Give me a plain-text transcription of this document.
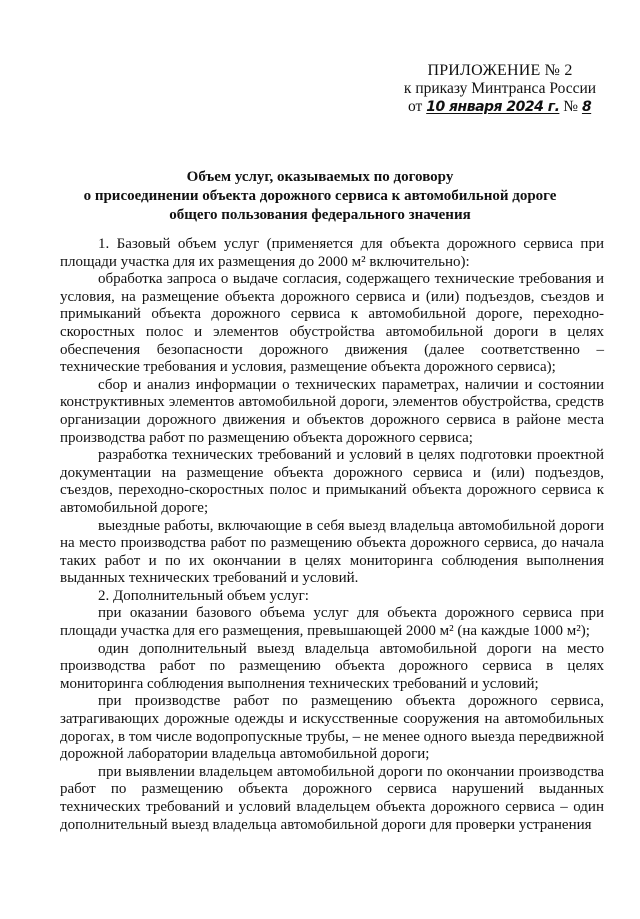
ПРИЛОЖЕНИЕ № 2
к приказу Минтранса России
от 10 января 2024 г. № 8
Объем услуг, оказываемых по договору
о присоединении объекта дорожного сервиса к автомобильной дороге
общего пользования федерального значения

1. Базовый объем услуг (применяется для объекта дорожного сервиса при площади участка для их размещения до 2000 м² включительно):

обработка запроса о выдаче согласия, содержащего технические требования и условия, на размещение объекта дорожного сервиса и (или) подъездов, съездов и примыканий объекта дорожного сервиса к автомобильной дороге, переходно-скоростных полос и элементов обустройства автомобильной дороги в целях обеспечения безопасности дорожного движения (далее соответственно – технические требования и условия, размещение объекта дорожного сервиса);

сбор и анализ информации о технических параметрах, наличии и состоянии конструктивных элементов автомобильной дороги, элементов обустройства, средств организации дорожного движения и объектов дорожного сервиса в районе места производства работ по размещению объекта дорожного сервиса;

разработка технических требований и условий в целях подготовки проектной документации на размещение объекта дорожного сервиса и (или) подъездов, съездов, переходно-скоростных полос и примыканий объекта дорожного сервиса к автомобильной дороге;

выездные работы, включающие в себя выезд владельца автомобильной дороги на место производства работ по размещению объекта дорожного сервиса, до начала таких работ и по их окончании в целях мониторинга соблюдения выполнения выданных технических требований и условий.

2. Дополнительный объем услуг:

при оказании базового объема услуг для объекта дорожного сервиса при площади участка для его размещения, превышающей 2000 м² (на каждые 1000 м²);

один дополнительный выезд владельца автомобильной дороги на место производства работ по размещению объекта дорожного сервиса в целях мониторинга соблюдения выполнения технических требований и условий;

при производстве работ по размещению объекта дорожного сервиса, затрагивающих дорожные одежды и искусственные сооружения на автомобильных дорогах, в том числе водопропускные трубы, – не менее одного выезда передвижной дорожной лаборатории владельца автомобильной дороги;

при выявлении владельцем автомобильной дороги по окончании производства работ по размещению объекта дорожного сервиса нарушений выданных технических требований и условий владельцем объекта дорожного сервиса – один дополнительный выезд владельца автомобильной дороги для проверки устранения
